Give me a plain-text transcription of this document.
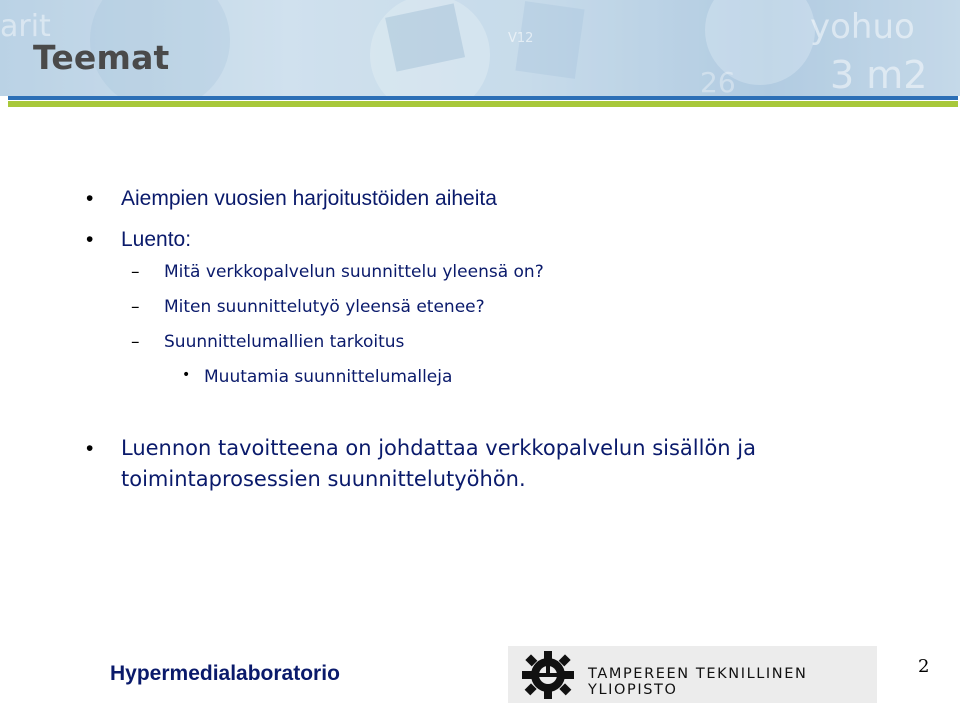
arit	V12	yohuo
3 m2
26
Teemat
• Aiempien vuosien harjoitustöiden aiheita
• Luento:
– Mitä verkkopalvelun suunnittelu yleensä on?
– Miten suunnittelutyö yleensä etenee?
– Suunnittelumallien tarkoitus
• Muutamia suunnittelumalleja
• Luennon tavoitteena on johdattaa verkkopalvelun sisällön ja
toimintaprosessien suunnittelutyöhön.
Hypermedialaboratorio	TAMPEREEN TEKNILLINEN YLIOPISTO
2
